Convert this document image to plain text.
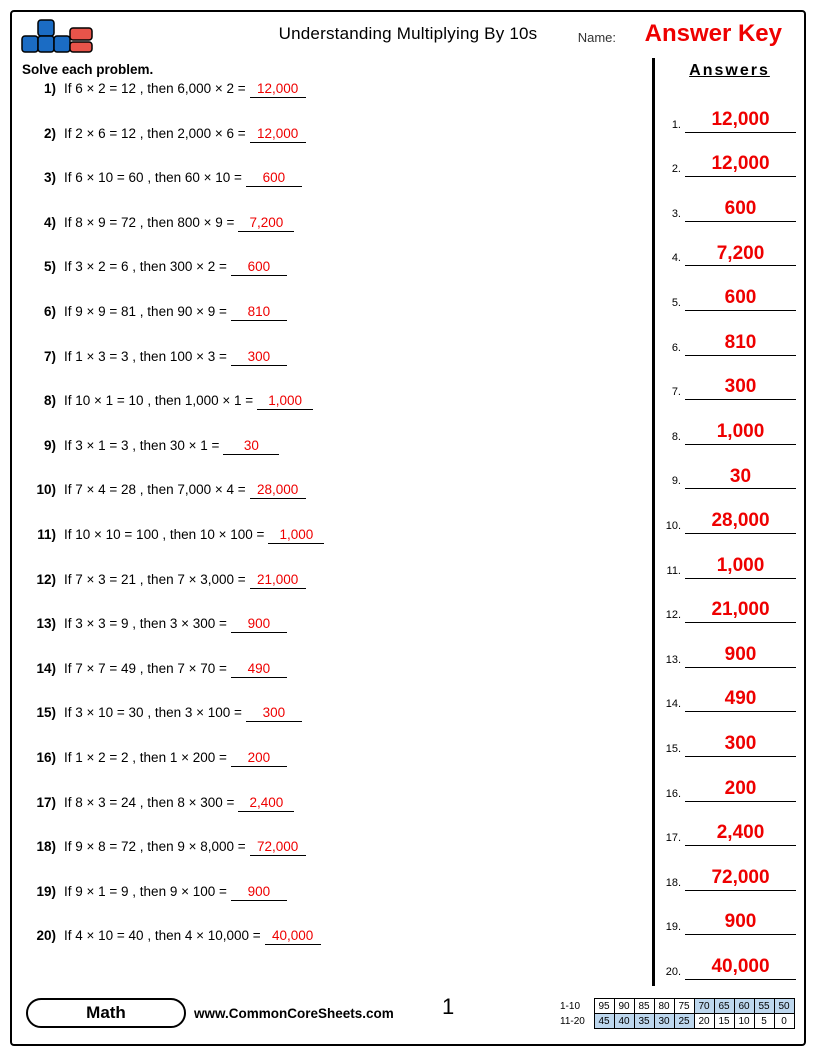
Understanding Multiplying By 10s	Name: Answer Key
Solve each problem.
1) If 6 × 2 = 12 , then 6,000 × 2 = 12,000
2) If 2 × 6 = 12 , then 2,000 × 6 = 12,000
3) If 6 × 10 = 60 , then 60 × 10 =	600
4) If 8 × 9 = 72 , then 800 × 9 =	7,200
5) If 3 × 2 = 6 , then 300 × 2 =	600
6) If 9 × 9 = 81 , then 90 × 9 =	810
7) If 1 × 3 = 3 , then 100 × 3 =	300
8) If 10 × 1 = 10 , then 1,000 × 1 =	1,000
9) If 3 × 1 = 3 , then 30 × 1 =	30
10) If 7 × 4 = 28 , then 7,000 × 4 = 28,000
11) If 10 × 10 = 100 , then 10 × 100 =	1,000
12) If 7 × 3 = 21 , then 7 × 3,000 = 21,000
13) If 3 × 3 = 9 , then 3 × 300 =	900
14) If 7 × 7 = 49 , then 7 × 70 =	490
15) If 3 × 10 = 30 , then 3 × 100 =	300
16) If 1 × 2 = 2 , then 1 × 200 =	200
17) If 8 × 3 = 24 , then 8 × 300 =	2,400
18) If 9 × 8 = 72 , then 9 × 8,000 = 72,000
19) If 9 × 1 = 9 , then 9 × 100 =	900
20) If 4 × 10 = 40 , then 4 × 10,000 = 40,000
Answers
1.	12,000
2.	12,000
3.	600
4.	7,200
5.	600
6.	810
7.	300
8.	1,000
9.	30
10.	28,000
11.	1,000
12.	21,000
13.	900
14.	490
15.	300
16.	200
17.	2,400
18.	72,000
19.	900
20.	40,000
Math	www.CommonCoreSheets.com 1	1-10	95	90	85	80	75	70	65	60	55	50
11-20	45	40	35	30	25	20	15	10	5	0
